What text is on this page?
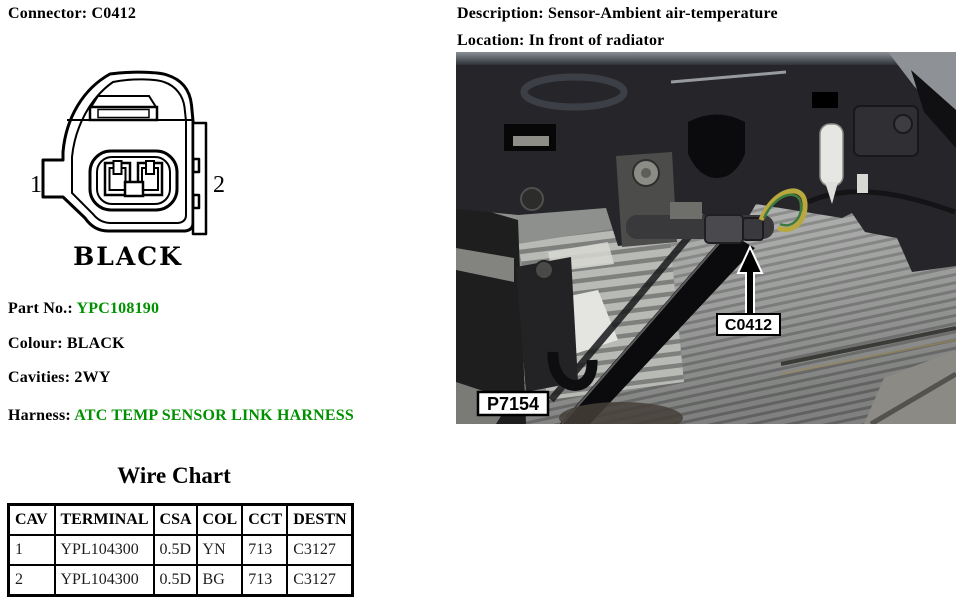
Connector: C0412	Description: Sensor-Ambient air-temperature
Location: In front of radiator
1	2
BLACK
Part No.: YPC108190
Colour: BLACK
Cavities: 2WY
Harness: ATC TEMP SENSOR LINK HARNESS
Wire Chart
CAV	TERMINAL	CSA	COL	CCT	DESTN
1	YPL104300	0.5D	YN	713	C3127
2	YPL104300	0.5D	BG	713	C3127
C0412
P7154
